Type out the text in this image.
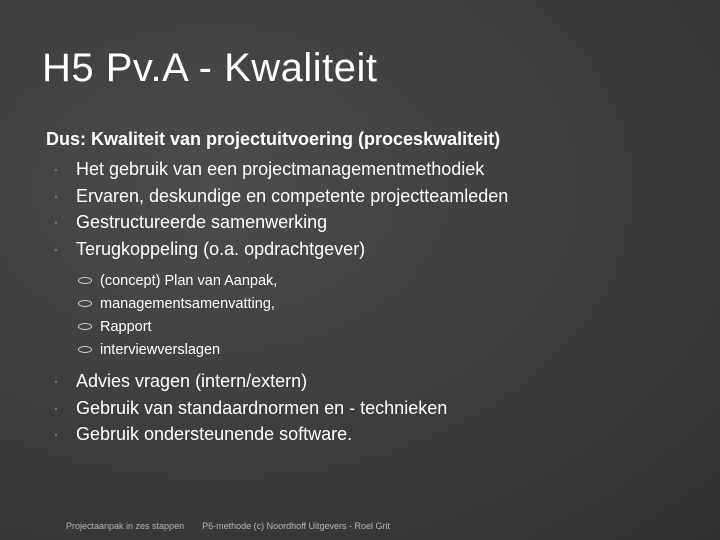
H5 Pv.A - Kwaliteit

Dus: Kwaliteit van projectuitvoering (proceskwaliteit)

· Het gebruik van een projectmanagementmethodiek
· Ervaren, deskundige en competente projectteamleden
· Gestructureerde samenwerking
· Terugkoppeling (o.a. opdrachtgever)
(concept) Plan van Aanpak,
managementsamenvatting,
Rapport
interviewverslagen
· Advies vragen (intern/extern)
· Gebruik van standaardnormen en - technieken
· Gebruik ondersteunende software.
Projectaanpak in zes stappen P6-methode (c) Noordhoff Uitgevers - Roel Grit
